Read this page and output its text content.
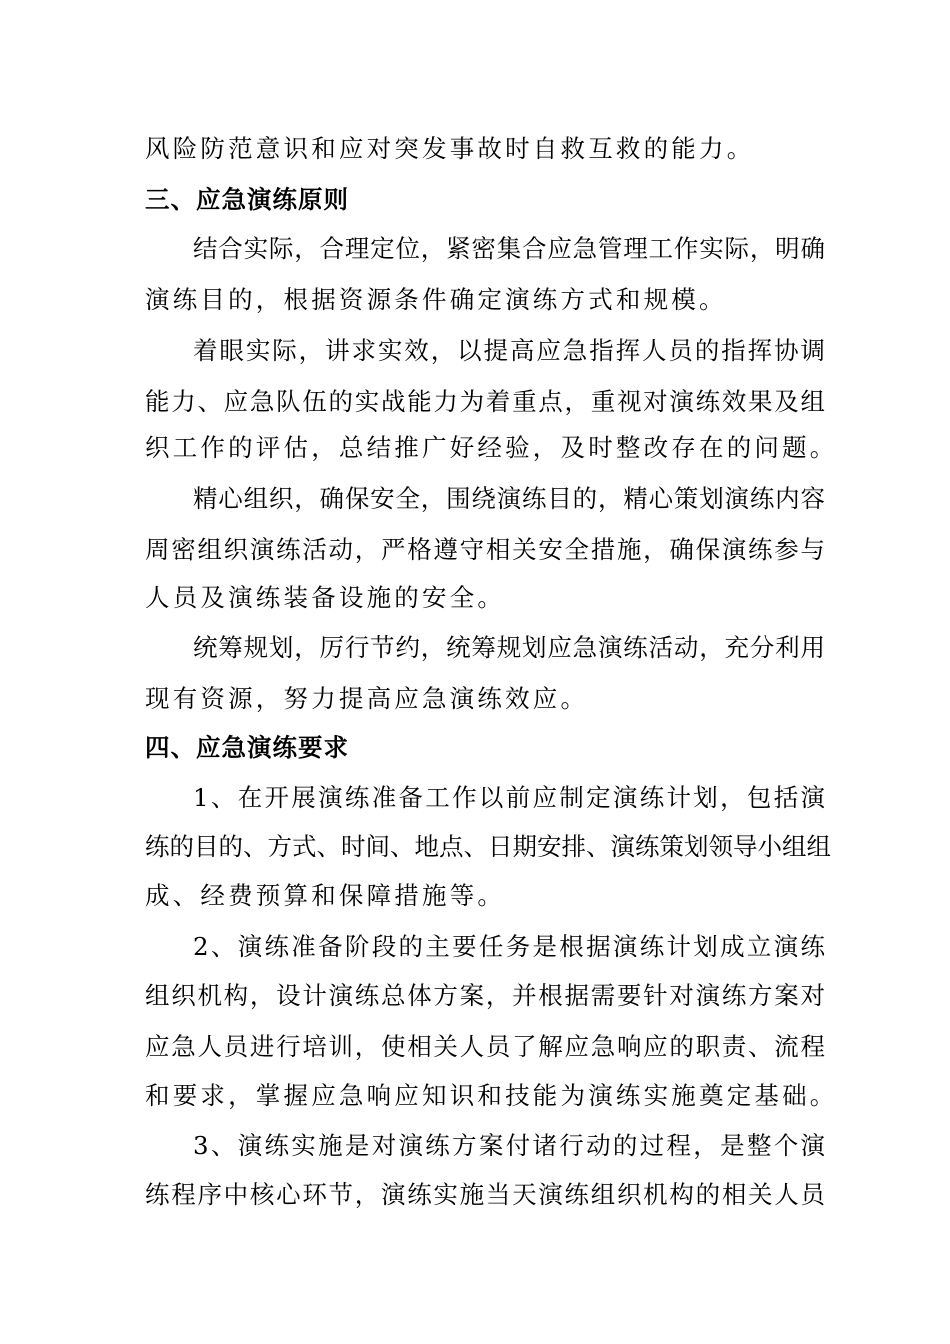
风险防范意识和应对突发事故时自救互救的能力。
三、应急演练原则
结合实际，合理定位，紧密集合应急管理工作实际，明确
演练目的，根据资源条件确定演练方式和规模。
着眼实际，讲求实效，以提高应急指挥人员的指挥协调
能力、应急队伍的实战能力为着重点，重视对演练效果及组
织工作的评估，总结推广好经验，及时整改存在的问题。
精心组织，确保安全，围绕演练目的，精心策划演练内容
周密组织演练活动，严格遵守相关安全措施，确保演练参与
人员及演练装备设施的安全。
统筹规划，厉行节约，统筹规划应急演练活动，充分利用
现有资源，努力提高应急演练效应。
四、应急演练要求
1、在开展演练准备工作以前应制定演练计划，包括演
练的目的、方式、时间、地点、日期安排、演练策划领导小组组
成、经费预算和保障措施等。
2、演练准备阶段的主要任务是根据演练计划成立演练
组织机构，设计演练总体方案，并根据需要针对演练方案对
应急人员进行培训，使相关人员了解应急响应的职责、流程
和要求，掌握应急响应知识和技能为演练实施奠定基础。
3、演练实施是对演练方案付诸行动的过程，是整个演
练程序中核心环节，演练实施当天演练组织机构的相关人员
